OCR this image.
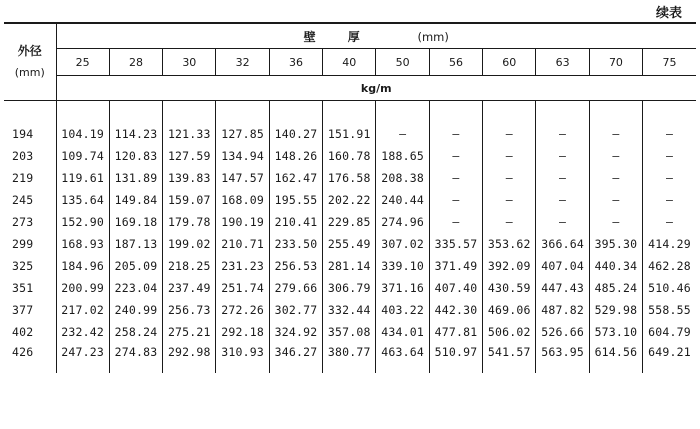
续表
外径
(mm)	壁 厚 (mm)											
	25	28	30	32	36	40	50	56	60	63	70	75
	kg/m											

194	104.19	114.23	121.33	127.85	140.27	151.91	—	—	—	—	—	—
203	109.74	120.83	127.59	134.94	148.26	160.78	188.65	—	—	—	—	—
219	119.61	131.89	139.83	147.57	162.47	176.58	208.38	—	—	—	—	—
245	135.64	149.84	159.07	168.09	195.55	202.22	240.44	—	—	—	—	—
273	152.90	169.18	179.78	190.19	210.41	229.85	274.96	—	—	—	—	—
299	168.93	187.13	199.02	210.71	233.50	255.49	307.02	335.57	353.62	366.64	395.30	414.29
325	184.96	205.09	218.25	231.23	256.53	281.14	339.10	371.49	392.09	407.04	440.34	462.28
351	200.99	223.04	237.49	251.74	279.66	306.79	371.16	407.40	430.59	447.43	485.24	510.46
377	217.02	240.99	256.73	272.26	302.77	332.44	403.22	442.30	469.06	487.82	529.98	558.55
402	232.42	258.24	275.21	292.18	324.92	357.08	434.01	477.81	506.02	526.66	573.10	604.79
426	247.23	274.83	292.98	310.93	346.27	380.77	463.64	510.97	541.57	563.95	614.56	649.21
